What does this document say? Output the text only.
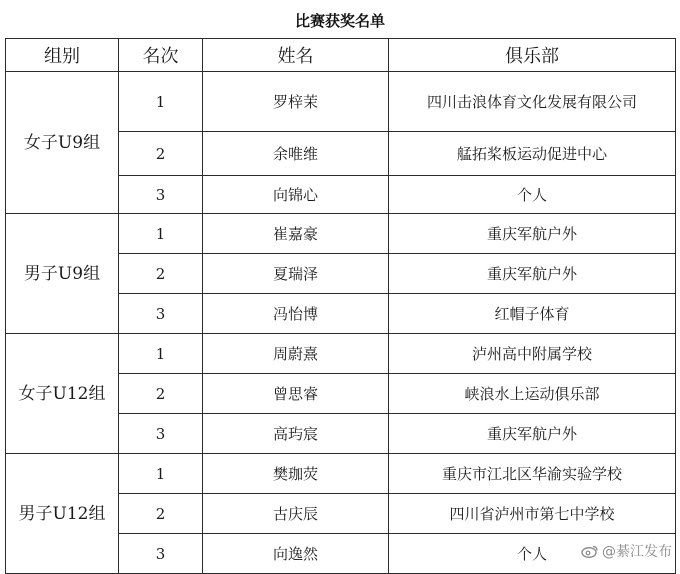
比赛获奖名单
组别	名次	姓名	俱乐部
女子U9组	1	罗梓茉	四川击浪体育文化发展有限公司
	2	余唯维	艋拓桨板运动促进中心
	3	向锦心	个人
男子U9组	1	崔嘉豪	重庆军航户外
	2	夏瑞泽	重庆军航户外
	3	冯怡博	红帽子体育
女子U12组	1	周蔚熹	泸州高中附属学校
	2	曾思睿	峡浪水上运动俱乐部
	3	高玙宸	重庆军航户外
男子U12组	1	樊珈荧	重庆市江北区华渝实验学校
	2	古庆辰	四川省泸州市第七中学校
	3	向逸然	个人	@綦江发布
